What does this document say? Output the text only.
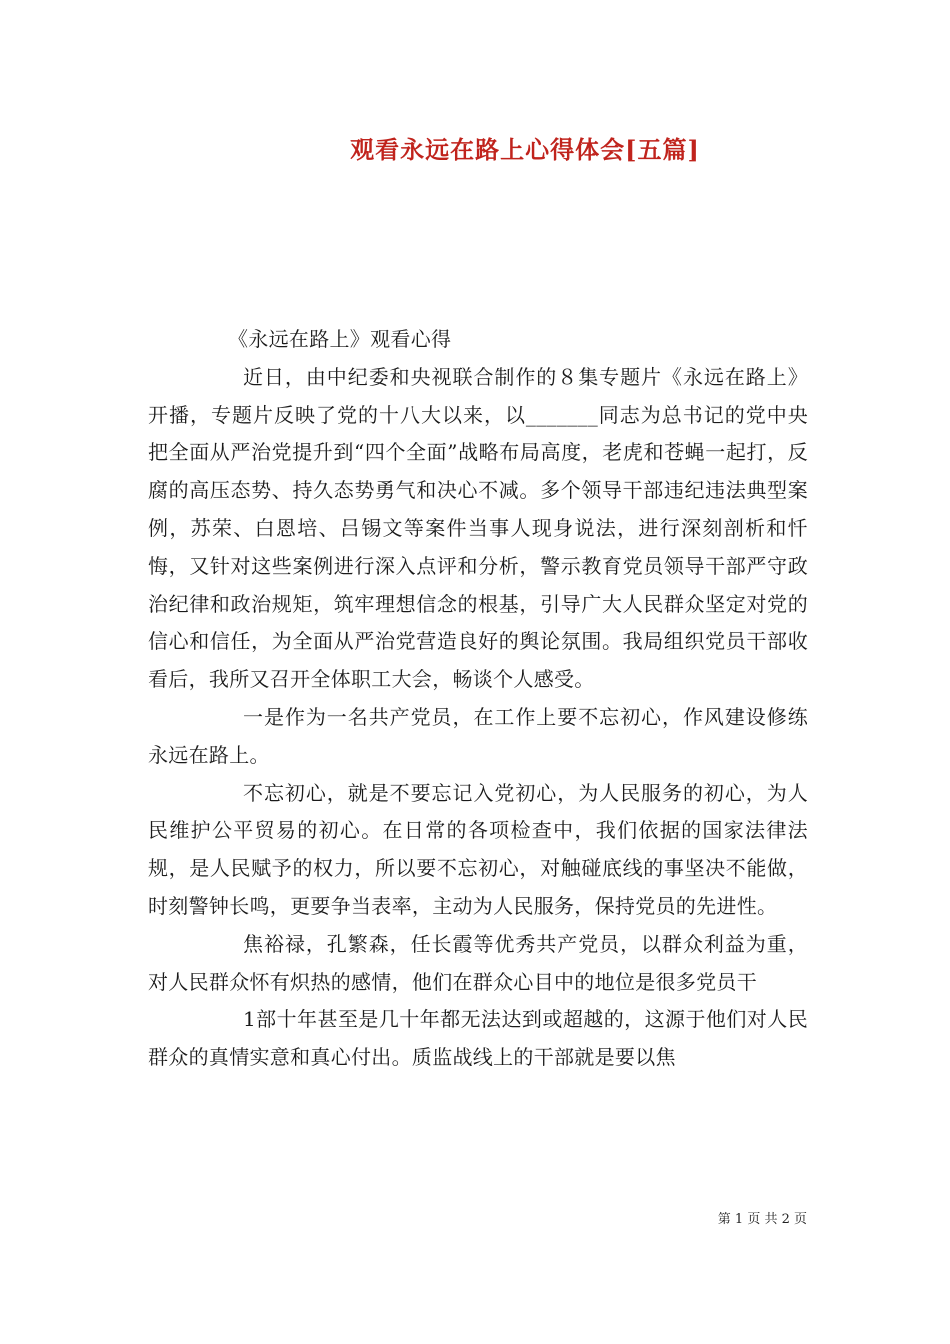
观看永远在路上心得体会[五篇]

《永远在路上》观看心得

近日，由中纪委和央视联合制作的８集专题片《永远在路上》开播，专题片反映了党的十八大以来，以_______同志为总书记的党中央把全面从严治党提升到“四个全面”战略布局高度，老虎和苍蝇一起打，反腐的高压态势、持久态势勇气和决心不减。多个领导干部违纪违法典型案例，苏荣、白恩培、吕锡文等案件当事人现身说法，进行深刻剖析和忏悔，又针对这些案例进行深入点评和分析，警示教育党员领导干部严守政治纪律和政治规矩，筑牢理想信念的根基，引导广大人民群众坚定对党的信心和信任，为全面从严治党营造良好的舆论氛围。我局组织党员干部收看后，我所又召开全体职工大会，畅谈个人感受。

一是作为一名共产党员，在工作上要不忘初心，作风建设修练永远在路上。

不忘初心，就是不要忘记入党初心，为人民服务的初心，为人民维护公平贸易的初心。在日常的各项检查中，我们依据的国家法律法规，是人民赋予的权力，所以要不忘初心，对触碰底线的事坚决不能做，时刻警钟长鸣，更要争当表率，主动为人民服务，保持党员的先进性。

焦裕禄，孔繁森，任长霞等优秀共产党员，以群众利益为重，对人民群众怀有炽热的感情，他们在群众心目中的地位是很多党员干

1部十年甚至是几十年都无法达到或超越的，这源于他们对人民群众的真情实意和真心付出。质监战线上的干部就是要以焦

第 1 页 共 2 页
